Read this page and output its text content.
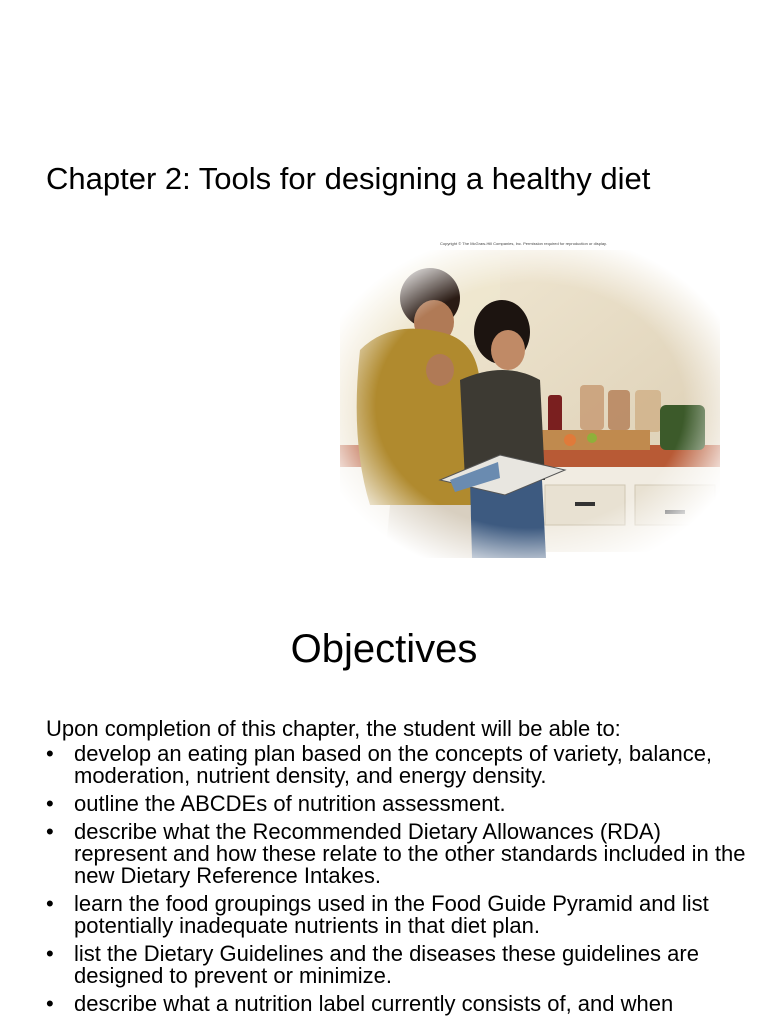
Chapter 2: Tools for designing a healthy diet
Copyright © The McGraw-Hill Companies, Inc. Permission required for reproduction or display.
Objectives
Upon completion of this chapter, the student will be able to:
• develop an eating plan based on the concepts of variety, balance, moderation, nutrient density, and energy density.
• outline the ABCDEs of nutrition assessment.
• describe what the Recommended Dietary Allowances (RDA) represent and how these relate to the other standards included in the new Dietary Reference Intakes.
• learn the food groupings used in the Food Guide Pyramid and list potentially inadequate nutrients in that diet plan.
• list the Dietary Guidelines and the diseases these guidelines are designed to prevent or minimize.
• describe what a nutrition label currently consists of, and when
